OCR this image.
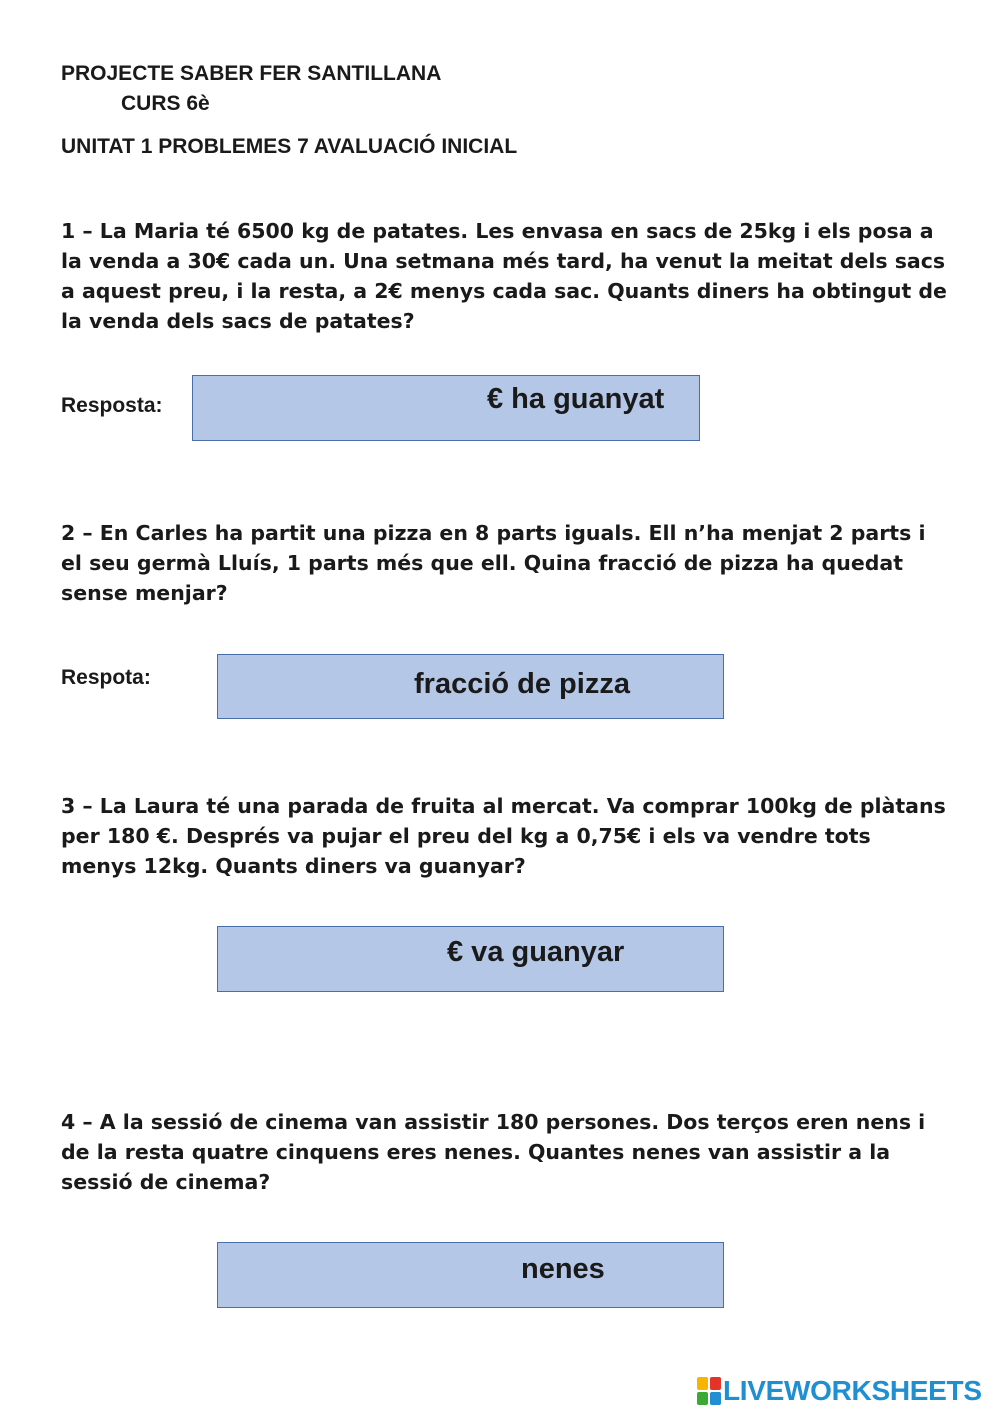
PROJECTE SABER FER SANTILLANA
CURS 6è
UNITAT 1 PROBLEMES 7 AVALUACIÓ INICIAL

1 – La Maria té 6500 kg de patates. Les envasa en sacs de 25kg i els posa a la venda a 30€ cada un. Una setmana més tard, ha venut la meitat dels sacs a aquest preu, i la resta, a 2€ menys cada sac. Quants diners ha obtingut de la venda dels sacs de patates?

Resposta:	€ ha guanyat

2 – En Carles ha partit una pizza en 8 parts iguals. Ell n’ha menjat 2 parts i el seu germà Lluís, 1 parts més que ell. Quina fracció de pizza ha quedat sense menjar?

Respota:	fracció de pizza

3 – La Laura té una parada de fruita al mercat. Va comprar 100kg de plàtans per 180 €. Després va pujar el preu del kg a 0,75€ i els va vendre tots menys 12kg. Quants diners va guanyar?

€ va guanyar

4 – A la sessió de cinema van assistir 180 persones. Dos terços eren nens i de la resta quatre cinquens eres nenes. Quantes nenes van assistir a la sessió de cinema?

nenes
LIVEWORKSHEETS
